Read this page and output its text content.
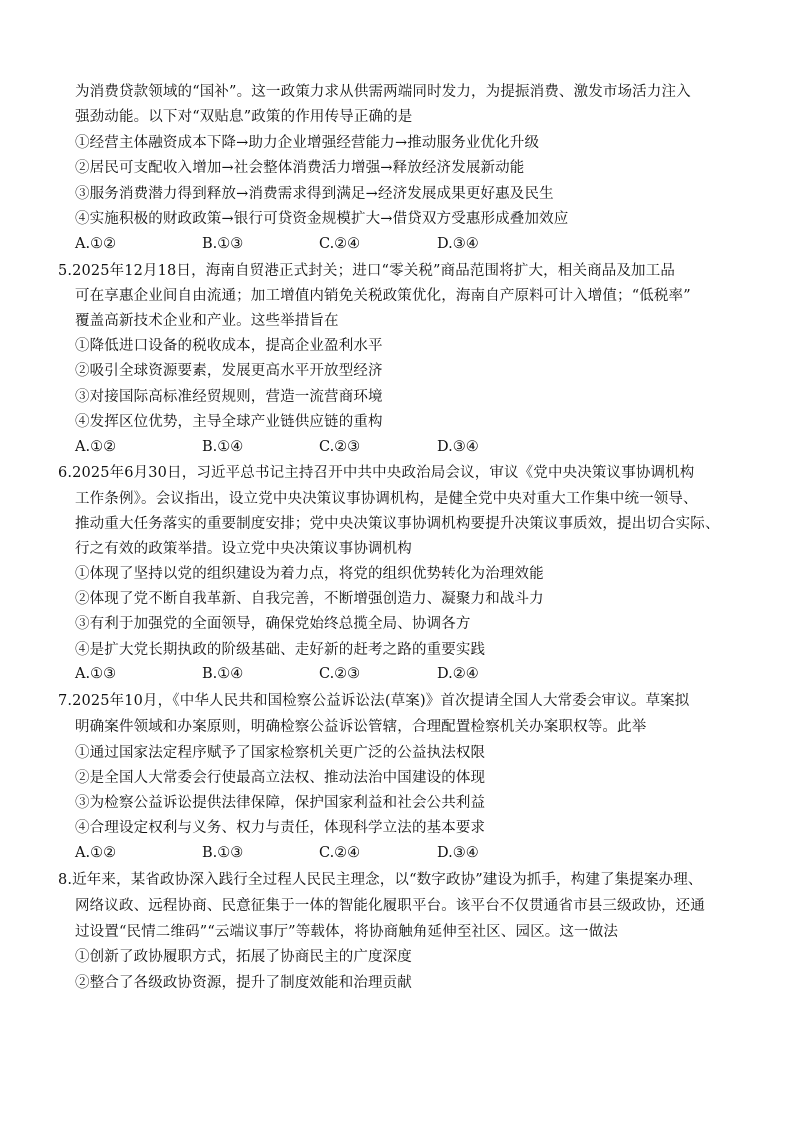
为消费贷款领域的“国补”。这一政策力求从供需两端同时发力，为提振消费、激发市场活力注入
强劲动能。以下对“双贴息”政策的作用传导正确的是
①经营主体融资成本下降→助力企业增强经营能力→推动服务业优化升级
②居民可支配收入增加→社会整体消费活力增强→释放经济发展新动能
③服务消费潜力得到释放→消费需求得到满足→经济发展成果更好惠及民生
④实施积极的财政政策→银行可贷资金规模扩大→借贷双方受惠形成叠加效应
A.①②	B.①③	C.②④	D.③④
5.2025年12月18日，海南自贸港正式封关；进口“零关税”商品范围将扩大，相关商品及加工品
可在享惠企业间自由流通；加工增值内销免关税政策优化，海南自产原料可计入增值；“低税率”
覆盖高新技术企业和产业。这些举措旨在
①降低进口设备的税收成本，提高企业盈利水平
②吸引全球资源要素，发展更高水平开放型经济
③对接国际高标准经贸规则，营造一流营商环境
④发挥区位优势，主导全球产业链供应链的重构
A.①②	B.①④	C.②③	D.③④
6.2025年6月30日，习近平总书记主持召开中共中央政治局会议，审议《党中央决策议事协调机构
工作条例》。会议指出，设立党中央决策议事协调机构，是健全党中央对重大工作集中统一领导、
推动重大任务落实的重要制度安排；党中央决策议事协调机构要提升决策议事质效，提出切合实际、
行之有效的政策举措。设立党中央决策议事协调机构
①体现了坚持以党的组织建设为着力点，将党的组织优势转化为治理效能
②体现了党不断自我革新、自我完善，不断增强创造力、凝聚力和战斗力
③有利于加强党的全面领导，确保党始终总揽全局、协调各方
④是扩大党长期执政的阶级基础、走好新的赶考之路的重要实践
A.①③	B.①④	C.②③	D.②④
7.2025年10月，《中华人民共和国检察公益诉讼法(草案)》首次提请全国人大常委会审议。草案拟
明确案件领域和办案原则，明确检察公益诉讼管辖，合理配置检察机关办案职权等。此举
①通过国家法定程序赋予了国家检察机关更广泛的公益执法权限
②是全国人大常委会行使最高立法权、推动法治中国建设的体现
③为检察公益诉讼提供法律保障，保护国家利益和社会公共利益
④合理设定权利与义务、权力与责任，体现科学立法的基本要求
A.①②	B.①③	C.②④	D.③④
8.近年来，某省政协深入践行全过程人民民主理念，以“数字政协”建设为抓手，构建了集提案办理、
网络议政、远程协商、民意征集于一体的智能化履职平台。该平台不仅贯通省市县三级政协，还通
过设置“民情二维码”“云端议事厅”等载体，将协商触角延伸至社区、园区。这一做法
①创新了政协履职方式，拓展了协商民主的广度深度
②整合了各级政协资源，提升了制度效能和治理贡献
